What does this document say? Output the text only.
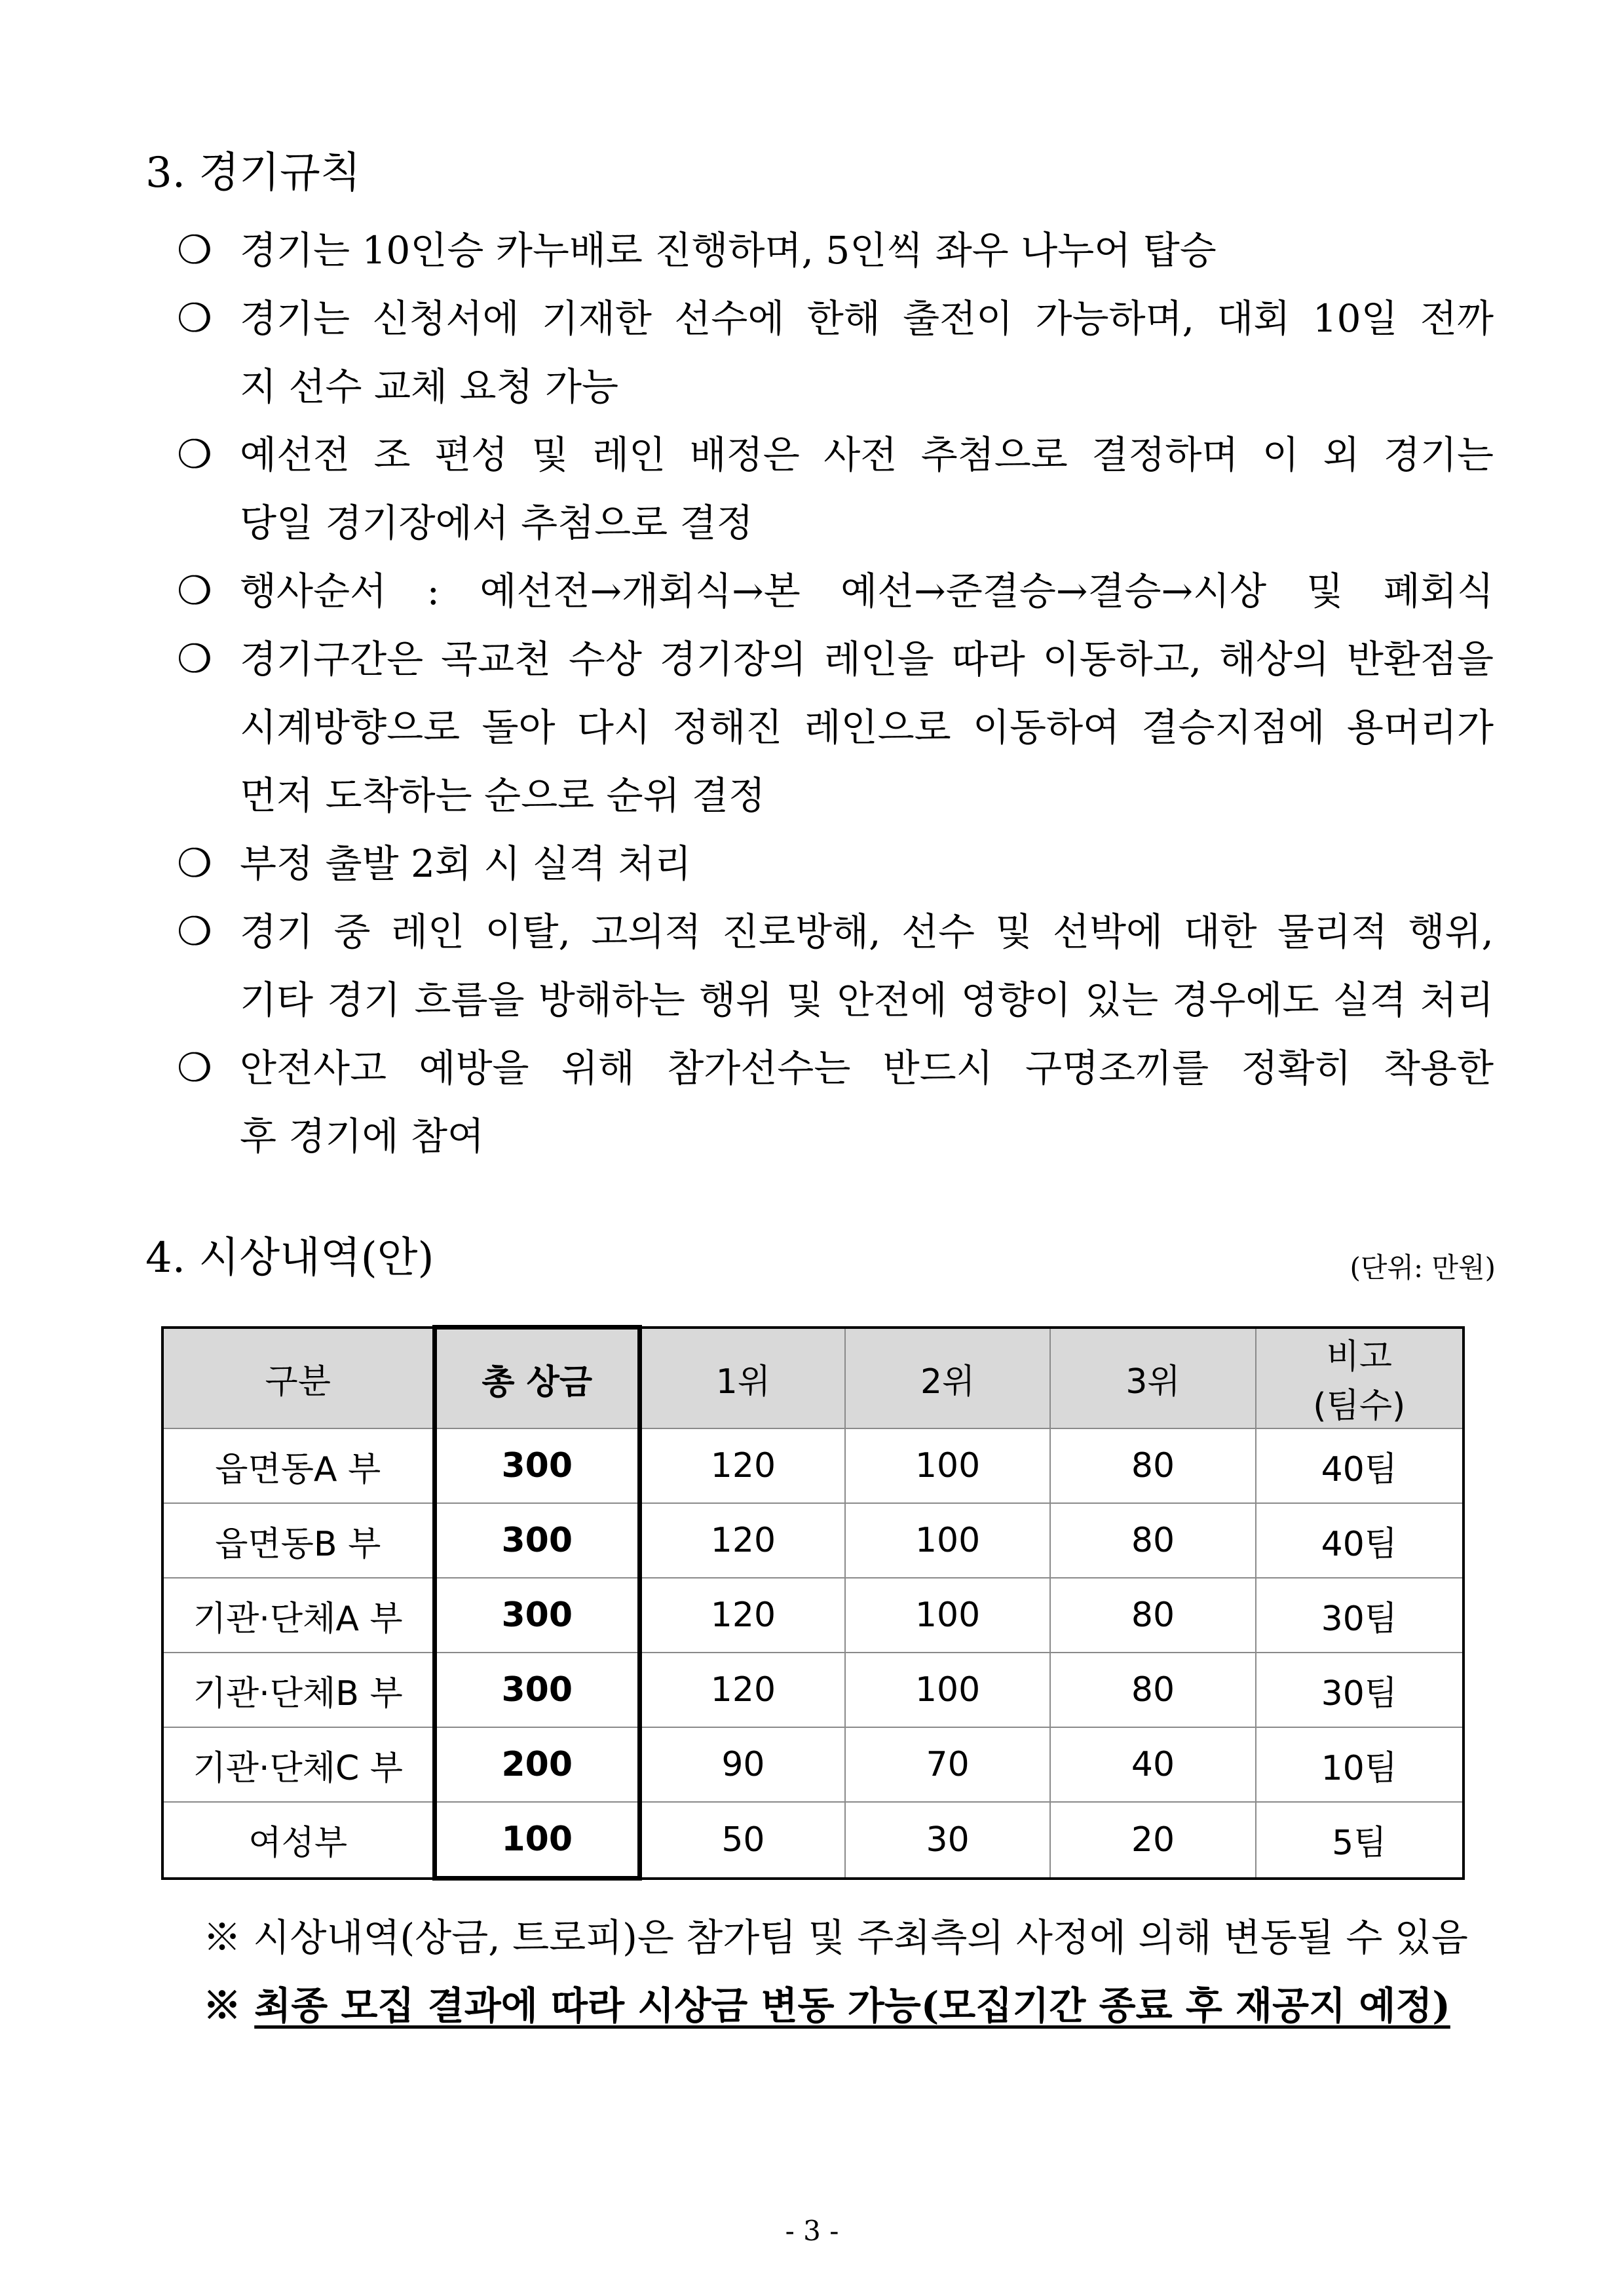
3. 경기규칙
❍ 경기는 10인승 카누배로 진행하며, 5인씩 좌우 나누어 탑승
❍ 경기는 신청서에 기재한 선수에 한해 출전이 가능하며, 대회 10일 전까
지 선수 교체 요청 가능
❍ 예선전 조 편성 및 레인 배정은 사전 추첨으로 결정하며 이 외 경기는
당일 경기장에서 추첨으로 결정
❍ 행사순서 : 예선전→개회식→본 예선→준결승→결승→시상 및 폐회식
❍ 경기구간은 곡교천 수상 경기장의 레인을 따라 이동하고, 해상의 반환점을
시계방향으로 돌아 다시 정해진 레인으로 이동하여 결승지점에 용머리가
먼저 도착하는 순으로 순위 결정
❍ 부정 출발 2회 시 실격 처리
❍ 경기 중 레인 이탈, 고의적 진로방해, 선수 및 선박에 대한 물리적 행위,
기타 경기 흐름을 방해하는 행위 및 안전에 영향이 있는 경우에도 실격 처리
❍ 안전사고 예방을 위해 참가선수는 반드시 구명조끼를 정확히 착용한
후 경기에 참여
4. 시상내역(안)	(단위: 만원)
구분	총 상금	1위	2위	3위	비고
(팀수)

읍면동A 부	300	120	100	80	40팀
읍면동B 부	300	120	100	80	40팀
기관·단체A 부	300	120	100	80	30팀
기관·단체B 부	300	120	100	80	30팀
기관·단체C 부	200	90	70	40	10팀
여성부	100	50	30	20	5팀
※ 시상내역(상금, 트로피)은 참가팀 및 주최측의 사정에 의해 변동될 수 있음
※ 최종 모집 결과에 따라 시상금 변동 가능(모집기간 종료 후 재공지 예정)
- 3 -
